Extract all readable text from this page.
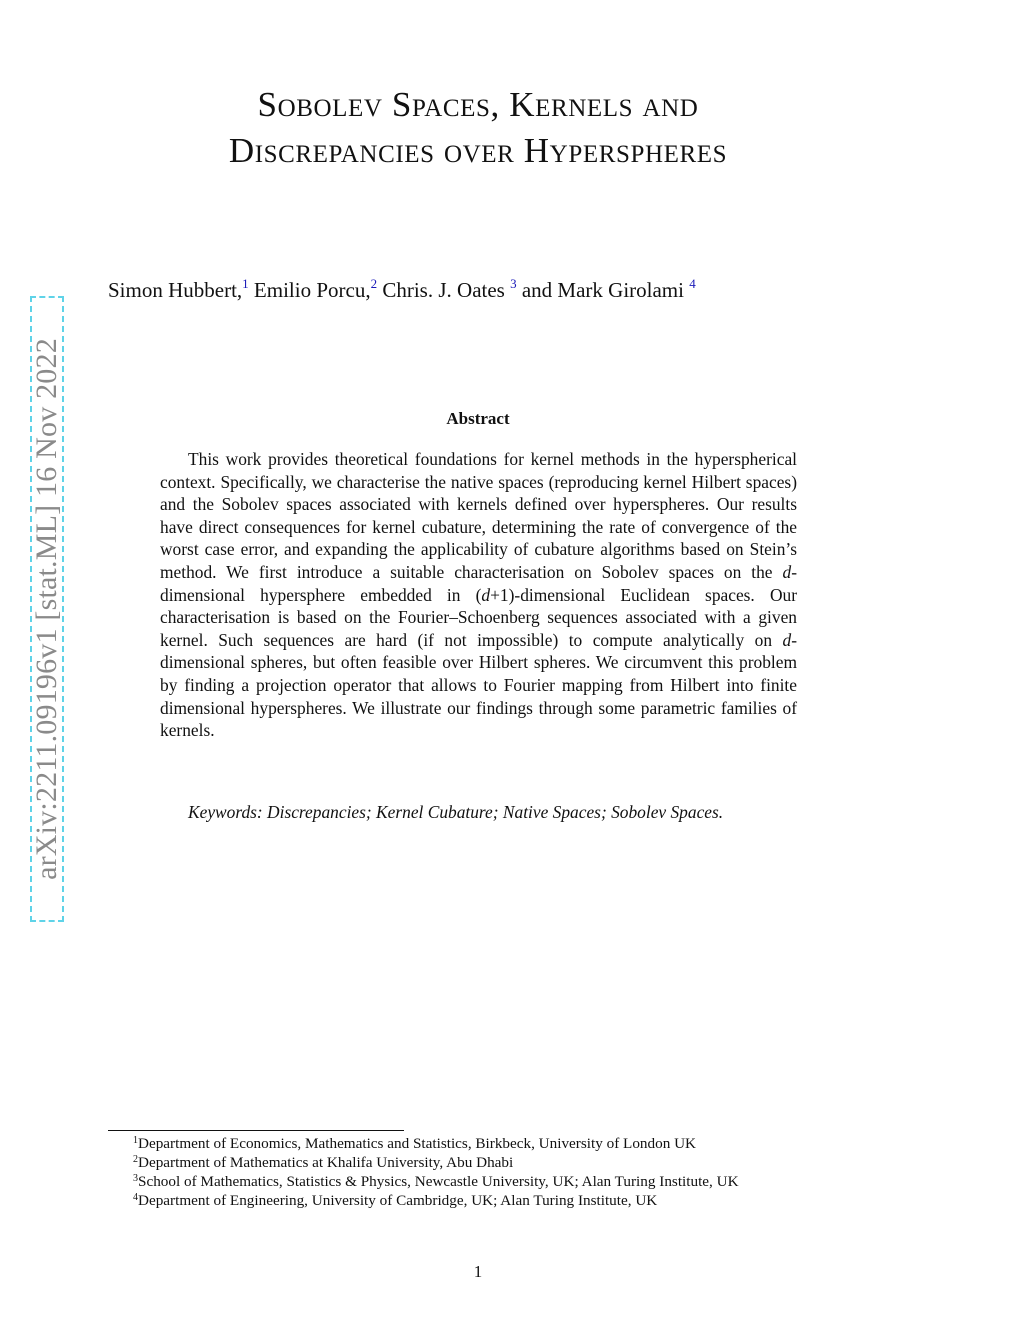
arXiv:2211.09196v1 [stat.ML] 16 Nov 2022
Sobolev Spaces, Kernels and
Discrepancies over Hyperspheres
Simon Hubbert,$^1$ Emilio Porcu,$^2$ Chris. J. Oates $^3$ and Mark Girolami $^4$
Abstract

This work provides theoretical foundations for kernel methods in the hyperspherical context. Specifically, we characterise the native spaces (reproducing kernel Hilbert spaces) and the Sobolev spaces associated with kernels defined over hyperspheres. Our results have direct consequences for kernel cubature, determining the rate of convergence of the worst case error, and expanding the applicability of cubature algorithms based on Stein’s method. We first introduce a suitable characterisation on Sobolev spaces on the d-dimensional hypersphere embedded in (d+1)-dimensional Euclidean spaces. Our characterisation is based on the Fourier–Schoenberg sequences associated with a given kernel. Such sequences are hard (if not impossible) to compute analytically on d-dimensional spheres, but often feasible over Hilbert spheres. We circumvent this problem by finding a projection operator that allows to Fourier mapping from Hilbert into finite dimensional hyperspheres. We illustrate our findings through some parametric families of kernels.

Keywords: Discrepancies; Kernel Cubature; Native Spaces; Sobolev Spaces.
$^1$Department of Economics, Mathematics and Statistics, Birkbeck, University of London UK
$^2$Department of Mathematics at Khalifa University, Abu Dhabi
$^3$School of Mathematics, Statistics & Physics, Newcastle University, UK; Alan Turing Institute, UK
$^4$Department of Engineering, University of Cambridge, UK; Alan Turing Institute, UK
1
